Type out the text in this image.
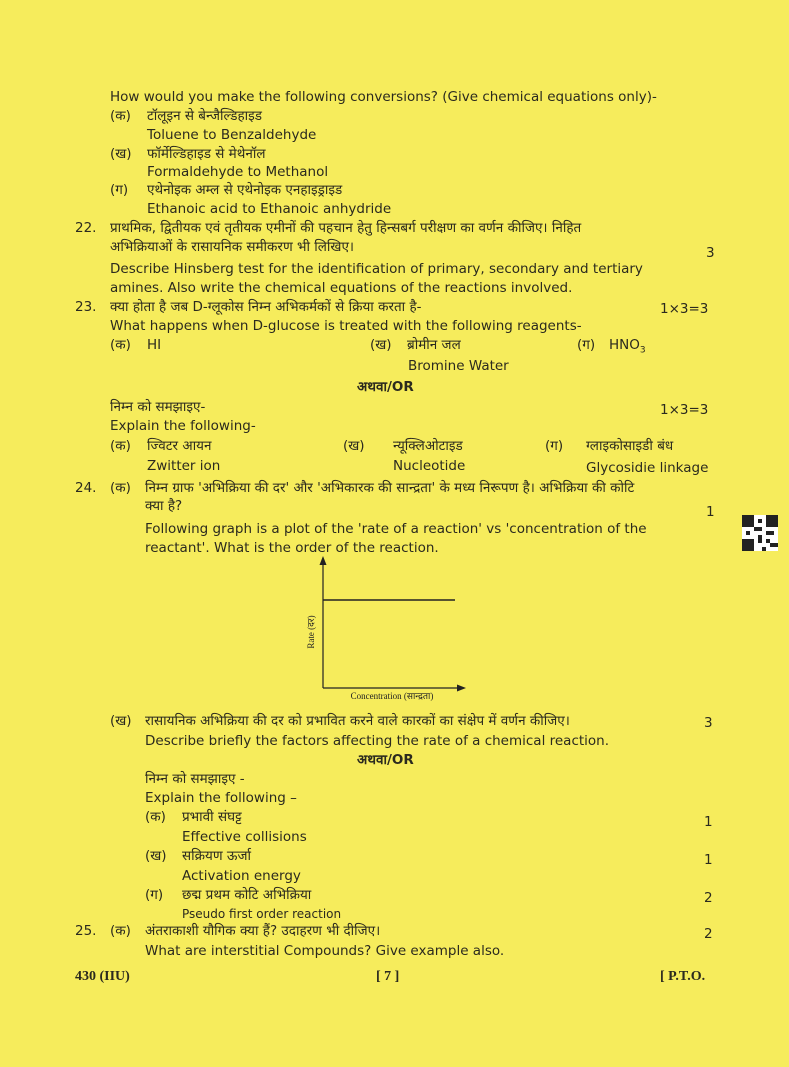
How would you make the following conversions? (Give chemical equations only)-
(क) टॉलूइन से बेन्जैल्डिहाइड
Toluene to Benzaldehyde
(ख) फॉर्मेल्डिहाइड से मेथेनॉल
Formaldehyde to Methanol
(ग) एथेनोइक अम्ल से एथेनोइक एनहाइड्राइड
Ethanoic acid to Ethanoic anhydride
22. प्राथमिक, द्वितीयक एवं तृतीयक एमीनों की पहचान हेतु हिन्सबर्ग परीक्षण का वर्णन कीजिए। निहित
अभिक्रियाओं के रासायनिक समीकरण भी लिखिए।	3
Describe Hinsberg test for the identification of primary, secondary and tertiary
amines. Also write the chemical equations of the reactions involved.
23. क्या होता है जब D-ग्लूकोस निम्न अभिकर्मकों से क्रिया करता है-	1×3=3
What happens when D-glucose is treated with the following reagents-
(क) HI	(ख) ब्रोमीन जल
Bromine Water
(ग) $HNO_3$
अथवा/OR
निम्न को समझाइए-	1×3=3
Explain the following-
(क) ज्विटर आयन
Zwitter ion
(ख) न्यूक्लिओटाइड
Nucleotide
(ग) ग्लाइकोसाइडी बंध
Glycosidie linkage
24. (क) निम्न ग्राफ 'अभिक्रिया की दर' और 'अभिकारक की सान्द्रता' के मध्य निरूपण है। अभिक्रिया की कोटि
क्या है?	1
Following graph is a plot of the 'rate of a reaction' vs 'concentration of the
reactant'. What is the order of the reaction.
Rate (दर)
Concentration (सान्द्रता)
(ख) रासायनिक अभिक्रिया की दर को प्रभावित करने वाले कारकों का संक्षेप में वर्णन कीजिए।	3
Describe briefly the factors affecting the rate of a chemical reaction.
अथवा/OR
निम्न को समझाइए -
Explain the following –
(क) प्रभावी संघट्ट	1
Effective collisions
(ख) सक्रियण ऊर्जा	1
Activation energy
(ग) छद्म प्रथम कोटि अभिक्रिया	2
Pseudo first order reaction
25. (क) अंतराकाशी यौगिक क्या हैं? उदाहरण भी दीजिए।	2
What are interstitial Compounds? Give example also.
430 (IIU)	[ 7 ]	[ P.T.O.
